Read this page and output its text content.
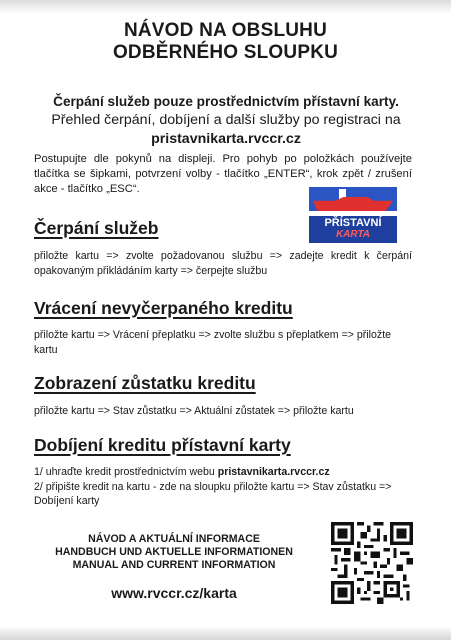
NÁVOD NA OBSLUHU
ODBĚRNÉHO SLOUPKU
Čerpání služeb pouze prostřednictvím přístavní karty.
Přehled čerpání, dobíjení a další služby po registraci na
pristavnikarta.rvccr.cz
Postupujte dle pokynů na displeji. Pro pohyb po položkách používejte tlačítka se šipkami, potvrzení volby - tlačítko „ENTER“, krok zpět / zrušení akce - tlačítko „ESC“.
PŘÍSTAVNÍ
KARTA
Čerpání služeb
přiložte kartu => zvolte požadovanou službu => zadejte kredit k čerpání opakovaným přikládáním karty => čerpejte službu
Vrácení nevyčerpaného kreditu
přiložte kartu => Vrácení přeplatku => zvolte službu s přeplatkem => přiložte kartu
Zobrazení zůstatku kreditu
přiložte kartu => Stav zůstatku => Aktuální zůstatek => přiložte kartu
Dobíjení kreditu přístavní karty
1/ uhraďte kredit prostřednictvím webu pristavnikarta.rvccr.cz
2/ připište kredit na kartu - zde na sloupku přiložte kartu => Stav zůstatku => Dobíjení karty
NÁVOD A AKTUÁLNÍ INFORMACE
HANDBUCH UND AKTUELLE INFORMATIONEN
MANUAL AND CURRENT INFORMATION
www.rvccr.cz/karta
